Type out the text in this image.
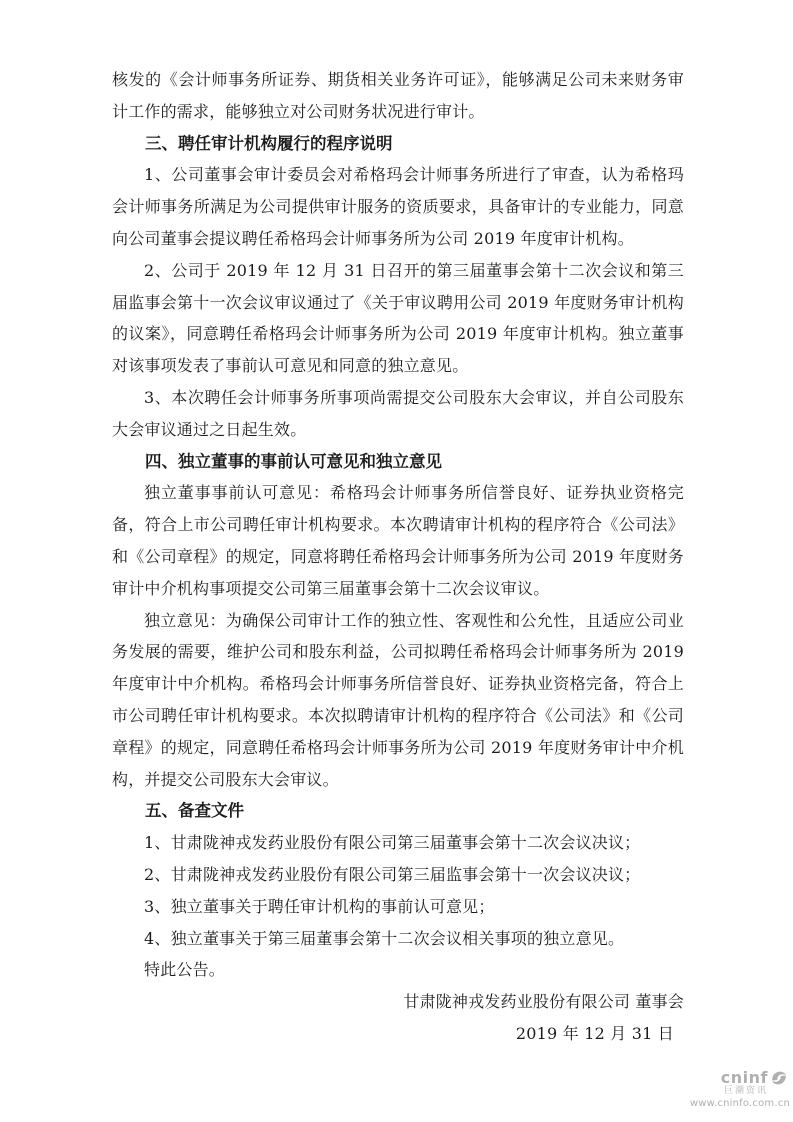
核发的《会计师事务所证券、期货相关业务许可证》，能够满足公司未来财务审计工作的需求，能够独立对公司财务状况进行审计。

三、聘任审计机构履行的程序说明

1、公司董事会审计委员会对希格玛会计师事务所进行了审查，认为希格玛会计师事务所满足为公司提供审计服务的资质要求，具备审计的专业能力，同意向公司董事会提议聘任希格玛会计师事务所为公司 2019 年度审计机构。

2、公司于 2019 年 12 月 31 日召开的第三届董事会第十二次会议和第三届监事会第十一次会议审议通过了《关于审议聘用公司 2019 年度财务审计机构的议案》，同意聘任希格玛会计师事务所为公司 2019 年度审计机构。独立董事对该事项发表了事前认可意见和同意的独立意见。

3、本次聘任会计师事务所事项尚需提交公司股东大会审议，并自公司股东大会审议通过之日起生效。

四、独立董事的事前认可意见和独立意见

独立董事事前认可意见：希格玛会计师事务所信誉良好、证券执业资格完备，符合上市公司聘任审计机构要求。本次聘请审计机构的程序符合《公司法》和《公司章程》的规定，同意将聘任希格玛会计师事务所为公司 2019 年度财务审计中介机构事项提交公司第三届董事会第十二次会议审议。

独立意见：为确保公司审计工作的独立性、客观性和公允性，且适应公司业务发展的需要，维护公司和股东利益，公司拟聘任希格玛会计师事务所为 2019 年度审计中介机构。希格玛会计师事务所信誉良好、证券执业资格完备，符合上市公司聘任审计机构要求。本次拟聘请审计机构的程序符合《公司法》和《公司章程》的规定，同意聘任希格玛会计师事务所为公司 2019 年度财务审计中介机构，并提交公司股东大会审议。

五、备查文件

1、甘肃陇神戎发药业股份有限公司第三届董事会第十二次会议决议；

2、甘肃陇神戎发药业股份有限公司第三届监事会第十一次会议决议；

3、独立董事关于聘任审计机构的事前认可意见；

4、独立董事关于第三届董事会第十二次会议相关事项的独立意见。

特此公告。

甘肃陇神戎发药业股份有限公司 董事会

2019 年 12 月 31 日

cninf
巨潮资讯
www.cninfo.com.cn
